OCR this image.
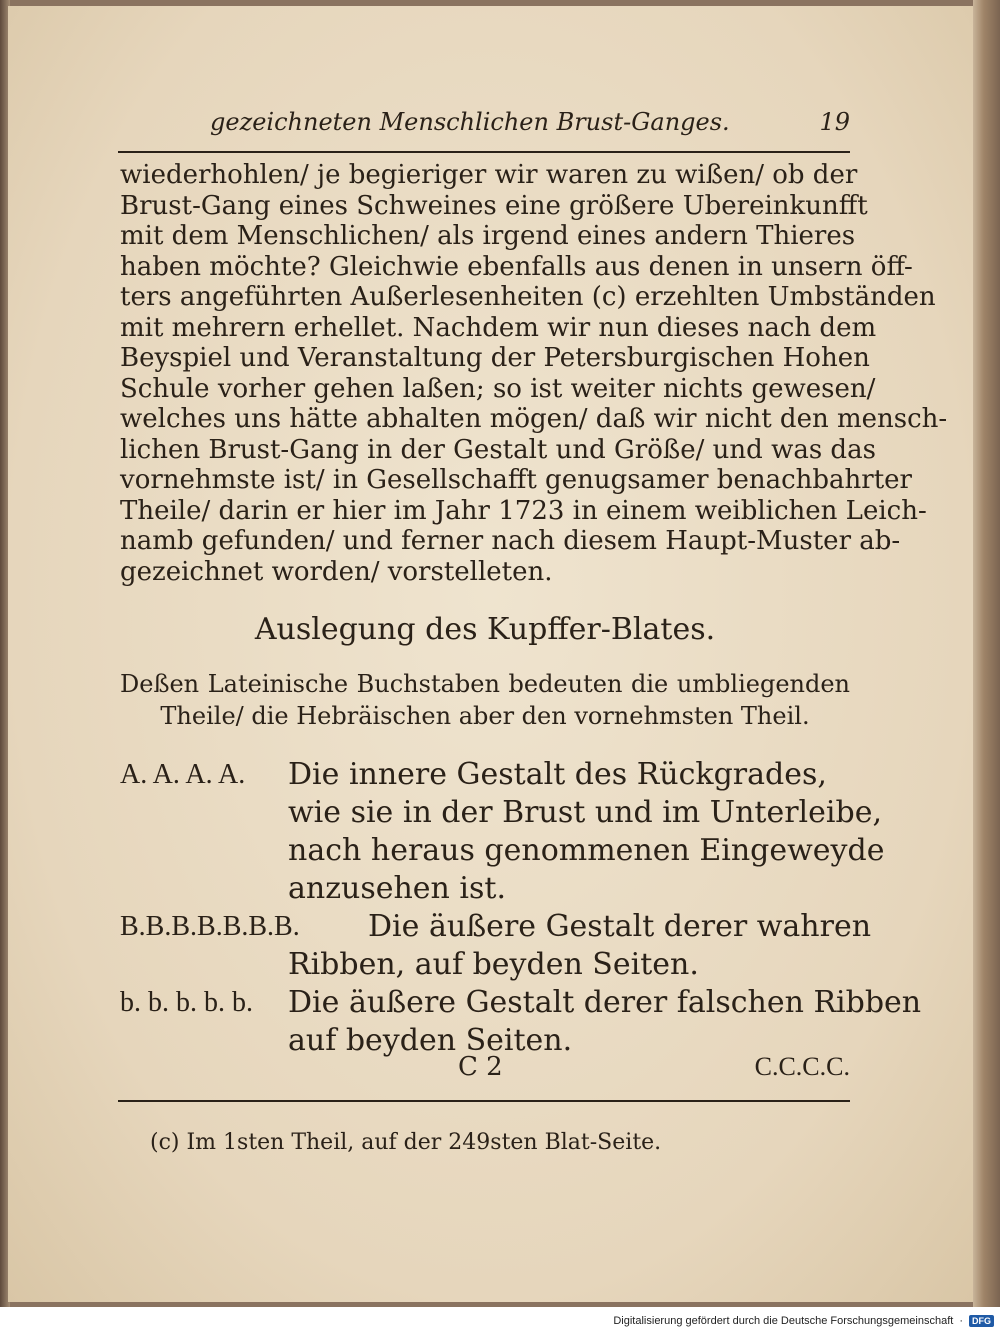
gezeichneten Menschlichen Brust-Ganges.	19
wiederhohlen/ je begieriger wir waren zu wißen/ ob der
Brust-Gang eines Schweines eine größere Ubereinkunfft
mit dem Menschlichen/ als irgend eines andern Thieres
haben möchte? Gleichwie ebenfalls aus denen in unsern öff-
ters angeführten Außerlesenheiten (c) erzehlten Umbständen
mit mehrern erhellet. Nachdem wir nun dieses nach dem
Beyspiel und Veranstaltung der Petersburgischen Hohen
Schule vorher gehen laßen; so ist weiter nichts gewesen/
welches uns hätte abhalten mögen/ daß wir nicht den mensch-
lichen Brust-Gang in der Gestalt und Größe/ und was das
vornehmste ist/ in Gesellschafft genugsamer benachbahrter
Theile/ darin er hier im Jahr 1723 in einem weiblichen Leich-
namb gefunden/ und ferner nach diesem Haupt-Muster ab-
gezeichnet worden/ vorstelleten.
Auslegung des Kupffer-Blates.
Deßen Lateinische Buchstaben bedeuten die umbliegenden
Theile/ die Hebräischen aber den vornehmsten Theil.
A. A. A. A. Die innere Gestalt des Rückgrades,
wie sie in der Brust und im Unterleibe,
nach heraus genommenen Eingeweyde
anzusehen ist.
B.B.B.B.B.B.B. Die äußere Gestalt derer wahren
Ribben, auf beyden Seiten.
b. b. b. b. b. Die äußere Gestalt derer falschen Ribben
auf beyden Seiten.
C 2	C.C.C.C.
(c) Im 1sten Theil, auf der 249sten Blat-Seite.
Digitalisierung gefördert durch die Deutsche Forschungsgemeinschaft ·	DFG
